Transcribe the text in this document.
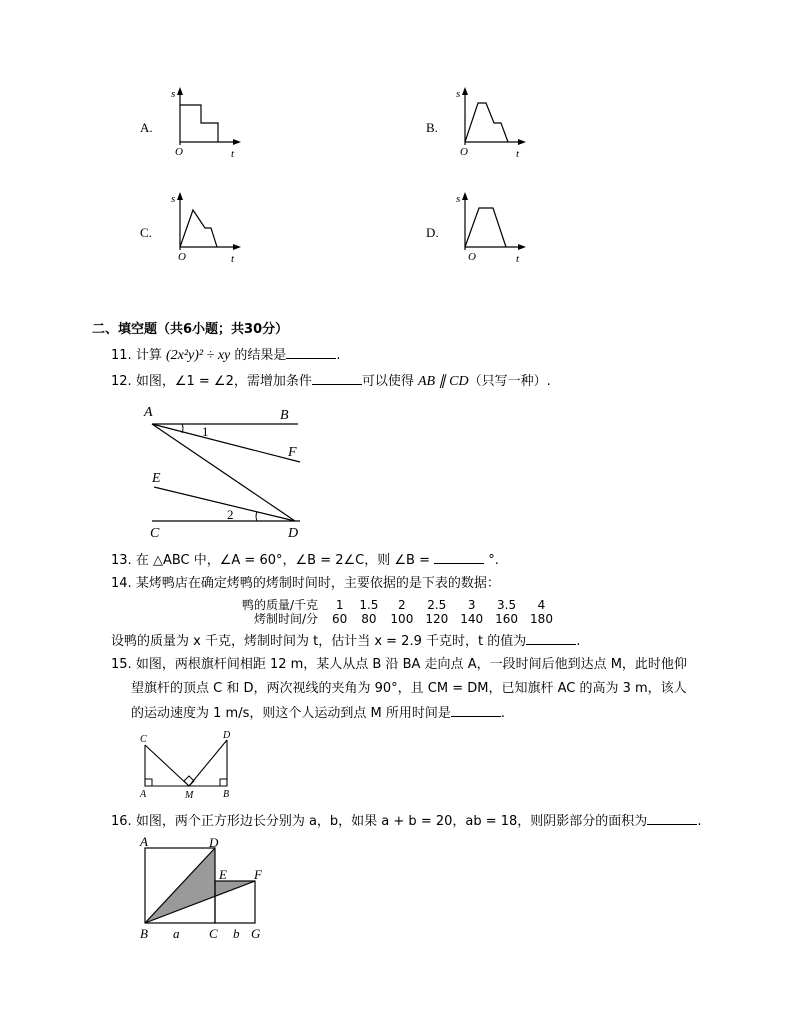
A.
s
O	t
B.
s
O	t
C.
s
O	t
D.
s
O	t
二、填空题（共6小题；共30分）
11. 计算 (2x²y)² ÷ xy 的结果是	.
12. 如图，∠1 = ∠2，需增加条件	可以使得 AB ∥ CD（只写一种）.
A	B
F
E
C	D
1
2
13. 在 △ABC 中，∠A = 60°，∠B = 2∠C，则 ∠B =	°.
14. 某烤鸭店在确定烤鸭的烤制时间时，主要依据的是下表的数据：
鸭的质量/千克	1	1.5	2	2.5	3	3.5	4
烤制时间/分	60	80	100	120	140	160	180
设鸭的质量为 x 千克，烤制时间为 t，估计当 x = 2.9 千克时，t 的值为	.
15. 如图，两根旗杆间相距 12 m，某人从点 B 沿 BA 走向点 A，一段时间后他到达点 M，此时他仰
望旗杆的顶点 C 和 D，两次视线的夹角为 90°，且 CM = DM，已知旗杆 AC 的高为 3 m，该人
的运动速度为 1 m/s，则这个人运动到点 M 所用时间是	.
C	D
A	M	B
16. 如图，两个正方形边长分别为 a，b，如果 a + b = 20，ab = 18，则阴影部分的面积为	.
A	D
E F
B a C b G
